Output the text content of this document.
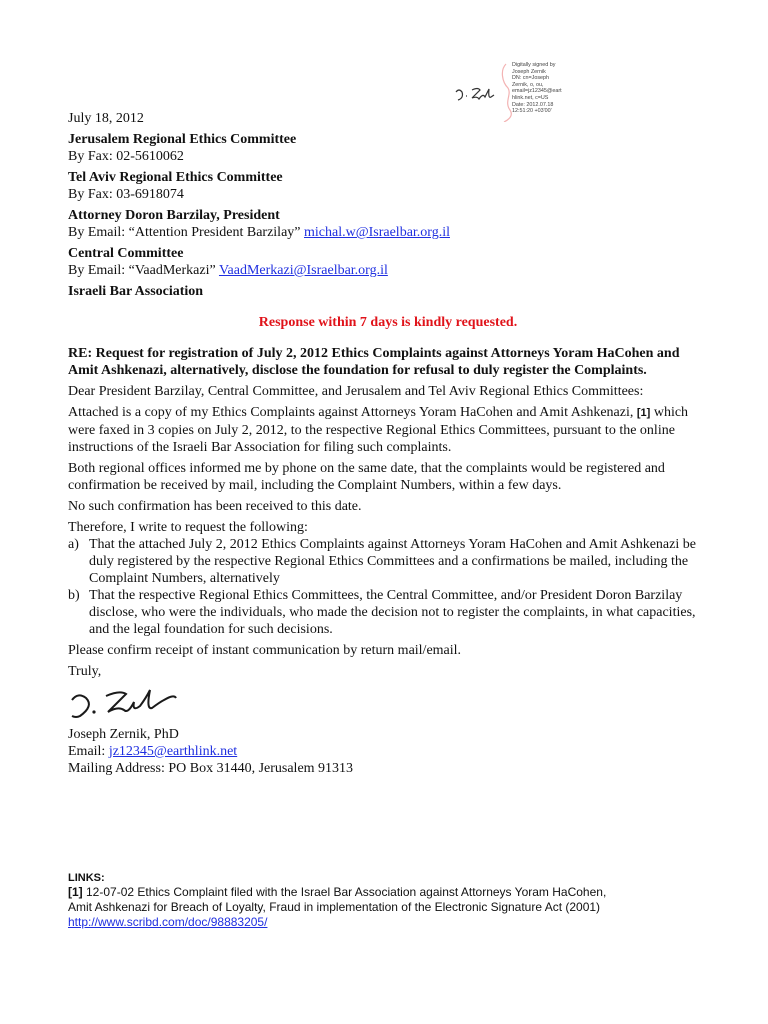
Digitally signed by
Joseph Zernik
DN: cn=Joseph
Zernik, o, ou,
email=jz12345@eart
hlink.net, c=US
Date: 2012.07.18
12:51:20 +03'00'

July 18, 2012

Jerusalem Regional Ethics Committee
By Fax: 02-5610062
Tel Aviv Regional Ethics Committee
By Fax: 03-6918074
Attorney Doron Barzilay, President
By Email: “Attention President Barzilay” michal.w@Israelbar.org.il
Central Committee
By Email: “VaadMerkazi” VaadMerkazi@Israelbar.org.il
Israeli Bar Association
Response within 7 days is kindly requested.

RE: Request for registration of July 2, 2012 Ethics Complaints against Attorneys Yoram HaCohen and Amit Ashkenazi, alternatively, disclose the foundation for refusal to duly register the Complaints.

Dear President Barzilay, Central Committee, and Jerusalem and Tel Aviv Regional Ethics Committees:

Attached is a copy of my Ethics Complaints against Attorneys Yoram HaCohen and Amit Ashkenazi, [1] which were faxed in 3 copies on July 2, 2012, to the respective Regional Ethics Committees, pursuant to the online instructions of the Israeli Bar Association for filing such complaints.

Both regional offices informed me by phone on the same date, that the complaints would be registered and confirmation be received by mail, including the Complaint Numbers, within a few days.

No such confirmation has been received to this date.

Therefore, I write to request the following:

a) That the attached July 2, 2012 Ethics Complaints against Attorneys Yoram HaCohen and Amit Ashkenazi be duly registered by the respective Regional Ethics Committees and a confirmations be mailed, including the Complaint Numbers, alternatively
b) That the respective Regional Ethics Committees, the Central Committee, and/or President Doron Barzilay disclose, who were the individuals, who made the decision not to register the complaints, in what capacities, and the legal foundation for such decisions.

Please confirm receipt of instant communication by return mail/email.

Truly,

Joseph Zernik, PhD

Email: jz12345@earthlink.net

Mailing Address: PO Box 31440, Jerusalem 91313

LINKS:
[1] 12-07-02 Ethics Complaint filed with the Israel Bar Association against Attorneys Yoram HaCohen,
Amit Ashkenazi for Breach of Loyalty, Fraud in implementation of the Electronic Signature Act (2001)
http://www.scribd.com/doc/98883205/
